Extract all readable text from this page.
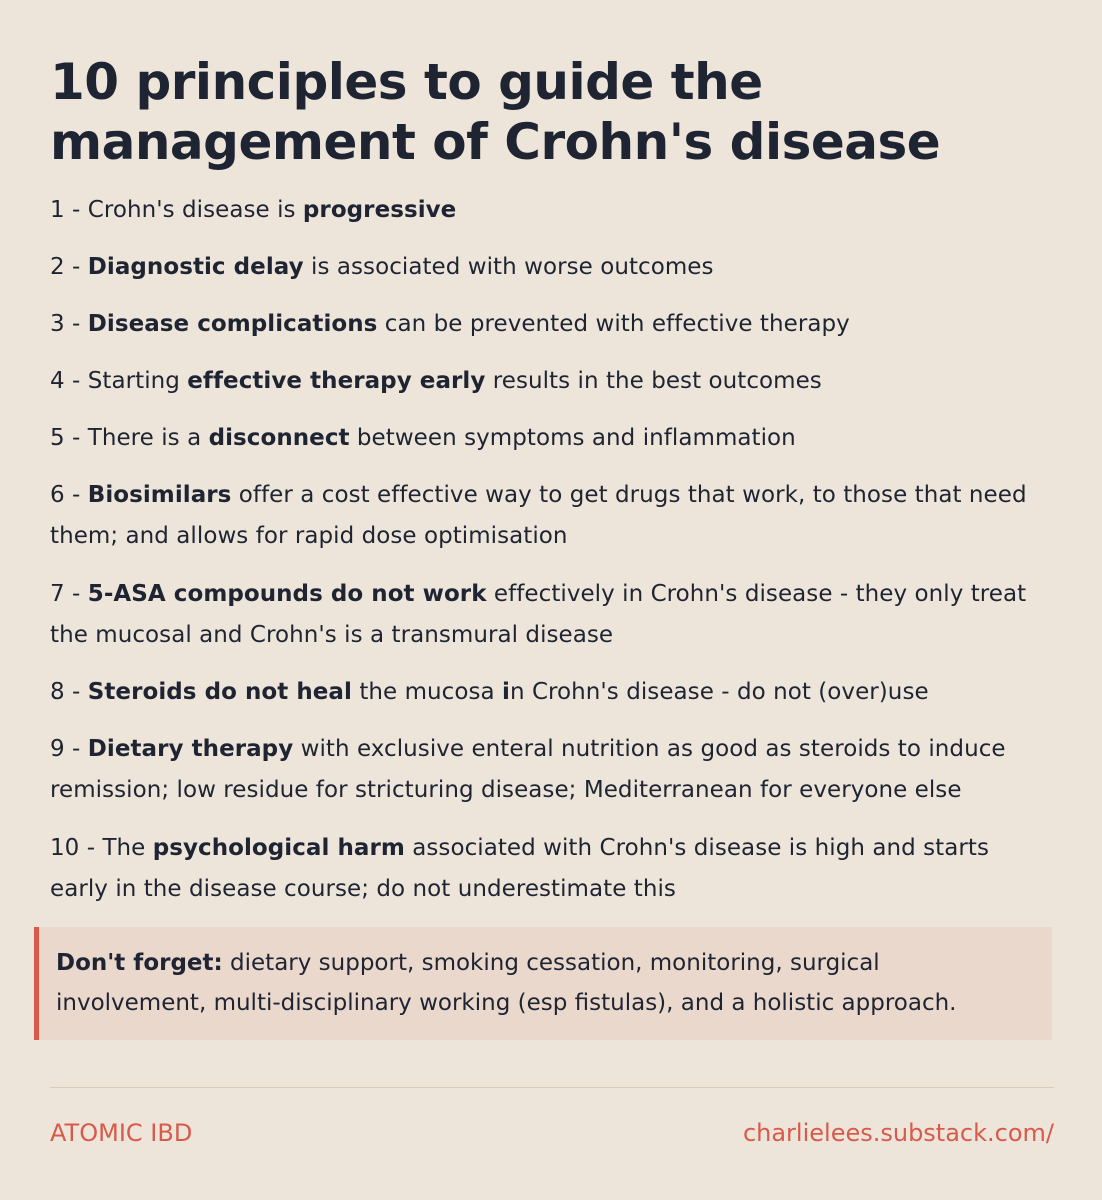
10 principles to guide the
management of Crohn's disease
1 - Crohn's disease is progressive
2 - Diagnostic delay is associated with worse outcomes
3 - Disease complications can be prevented with effective therapy
4 - Starting effective therapy early results in the best outcomes
5 - There is a disconnect between symptoms and inflammation
6 - Biosimilars offer a cost effective way to get drugs that work, to those that need them; and allows for rapid dose optimisation
7 - 5-ASA compounds do not work effectively in Crohn's disease - they only treat the mucosal and Crohn's is a transmural disease
8 - Steroids do not heal the mucosa in Crohn's disease - do not (over)use
9 - Dietary therapy with exclusive enteral nutrition as good as steroids to induce remission; low residue for stricturing disease; Mediterranean for everyone else
10 - The psychological harm associated with Crohn's disease is high and starts early in the disease course; do not underestimate this
Don't forget: dietary support, smoking cessation, monitoring, surgical involvement, multi-disciplinary working (esp fistulas), and a holistic approach.
ATOMIC IBD	charlielees.substack.com/
